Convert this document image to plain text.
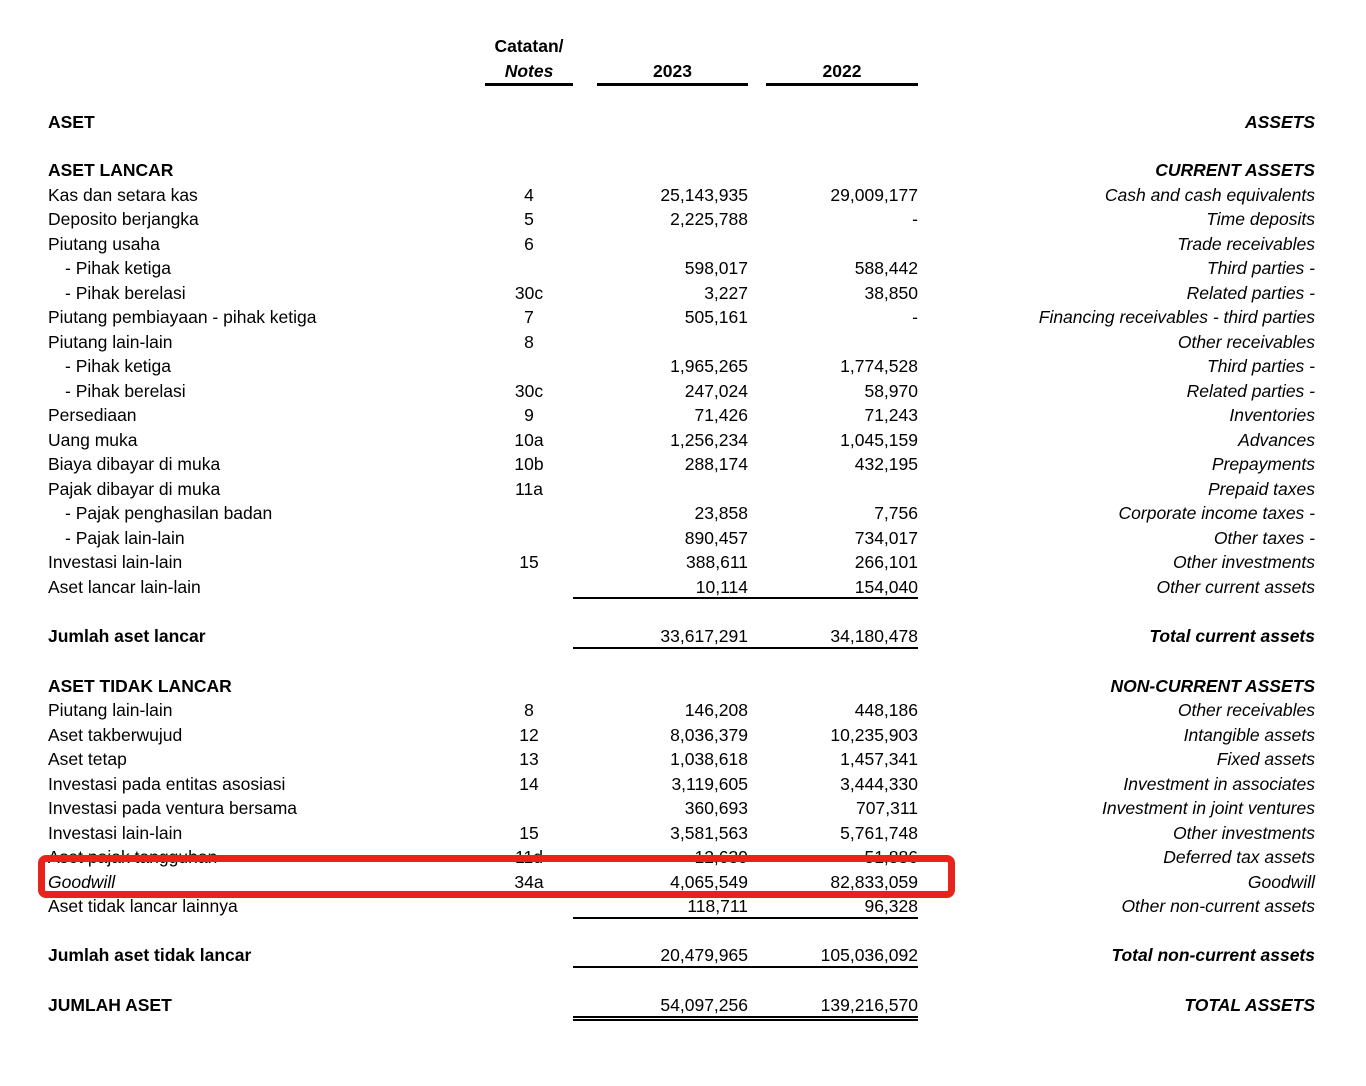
Catatan/
Notes	2023	2022
ASET	ASSETS
ASET LANCAR	CURRENT ASSETS
Kas dan setara kas	4	25,143,935	29,009,177	Cash and cash equivalents
Deposito berjangka	5	2,225,788	-	Time deposits
Piutang usaha	6	Trade receivables
- Pihak ketiga	598,017	588,442	Third parties -
- Pihak berelasi	30c	3,227	38,850	Related parties -
Piutang pembiayaan - pihak ketiga	7	505,161	-	Financing receivables - third parties
Piutang lain-lain	8	Other receivables
- Pihak ketiga	1,965,265	1,774,528	Third parties -
- Pihak berelasi	30c	247,024	58,970	Related parties -
Persediaan	9	71,426	71,243	Inventories
Uang muka	10a	1,256,234	1,045,159	Advances
Biaya dibayar di muka	10b	288,174	432,195	Prepayments
Pajak dibayar di muka	11a	Prepaid taxes
- Pajak penghasilan badan	23,858	7,756	Corporate income taxes -
- Pajak lain-lain	890,457	734,017	Other taxes -
Investasi lain-lain	15	388,611	266,101	Other investments
Aset lancar lain-lain	10,114	154,040	Other current assets
Jumlah aset lancar	33,617,291	34,180,478	Total current assets
ASET TIDAK LANCAR	NON-CURRENT ASSETS
Piutang lain-lain	8	146,208	448,186	Other receivables
Aset takberwujud	12	8,036,379	10,235,903	Intangible assets
Aset tetap	13	1,038,618	1,457,341	Fixed assets
Investasi pada entitas asosiasi	14	3,119,605	3,444,330	Investment in associates
Investasi pada ventura bersama	360,693	707,311	Investment in joint ventures
Investasi lain-lain	15	3,581,563	5,761,748	Other investments
Aset pajak tangguhan	11d	12,639	51,886	Deferred tax assets
Goodwill	34a	4,065,549	82,833,059	Goodwill
Aset tidak lancar lainnya	118,711	96,328	Other non-current assets
Jumlah aset tidak lancar	20,479,965	105,036,092	Total non-current assets
JUMLAH ASET	54,097,256	139,216,570	TOTAL ASSETS
